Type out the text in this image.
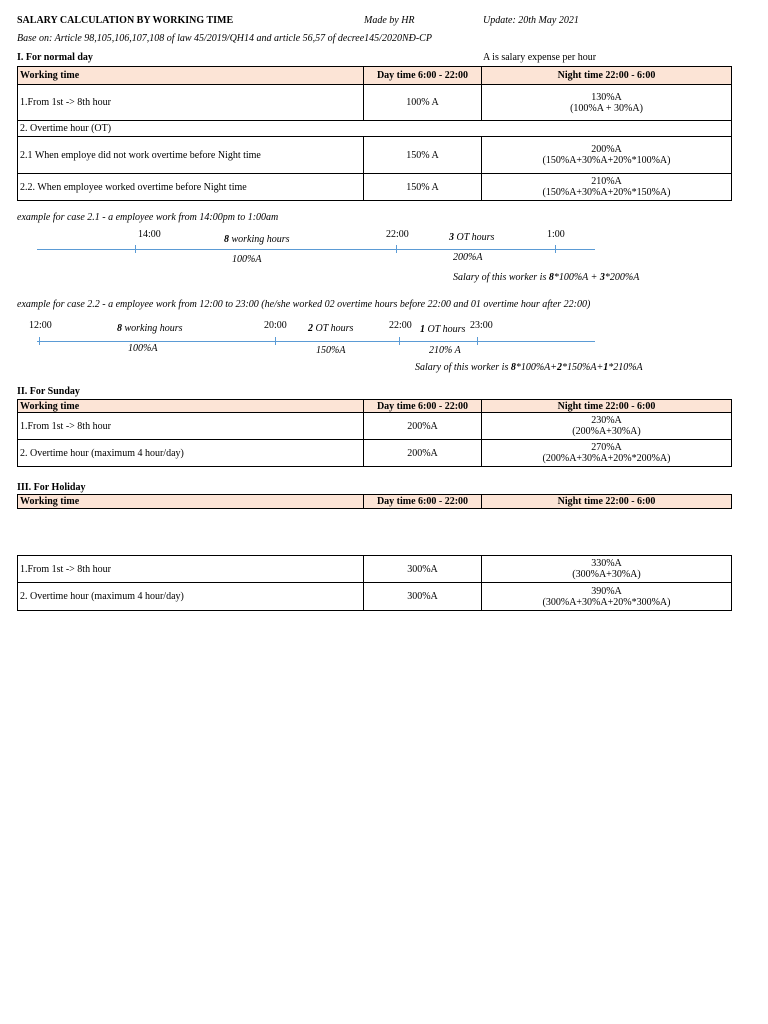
SALARY CALCULATION BY WORKING TIME	Made by HR	Update: 20th May 2021
Base on: Article 98,105,106,107,108 of law 45/2019/QH14 and article 56,57 of decree145/2020NĐ-CP
I. For normal day	A is salary expense per hour
Working time	Day time 6:00 - 22:00	Night time 22:00 - 6:00
1.From 1st -> 8th hour	100% A	130%A
(100%A + 30%A)

2. Overtime hour (OT)		
2.1 When employe did not work overtime before Night time	150% A	200%A
(150%A+30%A+20%*100%A)

2.2. When employee worked overtime before Night time	150% A	210%A
(150%A+30%A+20%*150%A)
example for case 2.1 - a employee work from 14:00pm to 1:00am
14:00	8 working hours	22:00	3 OT hours	1:00
100%A	200%A
Salary of this worker is 8*100%A + 3*200%A
example for case 2.2 - a employee work from 12:00 to 23:00 (he/she worked 02 overtime hours before 22:00 and 01 overtime hour after 22:00)
12:00	8 working hours	20:00 2 OT hours	22:00 1 OT hours 23:00
100%A	150%A	210% A
Salary of this worker is 8*100%A+2*150%A+1*210%A
II. For Sunday
Working time	Day time 6:00 - 22:00	Night time 22:00 - 6:00
1.From 1st -> 8th hour	200%A	230%A
(200%A+30%A)

2. Overtime hour (maximum 4 hour/day)	200%A	270%A
(200%A+30%A+20%*200%A)
III. For Holiday
Working time	Day time 6:00 - 22:00	Night time 22:00 - 6:00
1.From 1st -> 8th hour	300%A	330%A
(300%A+30%A)

2. Overtime hour (maximum 4 hour/day)	300%A	390%A
(300%A+30%A+20%*300%A)
